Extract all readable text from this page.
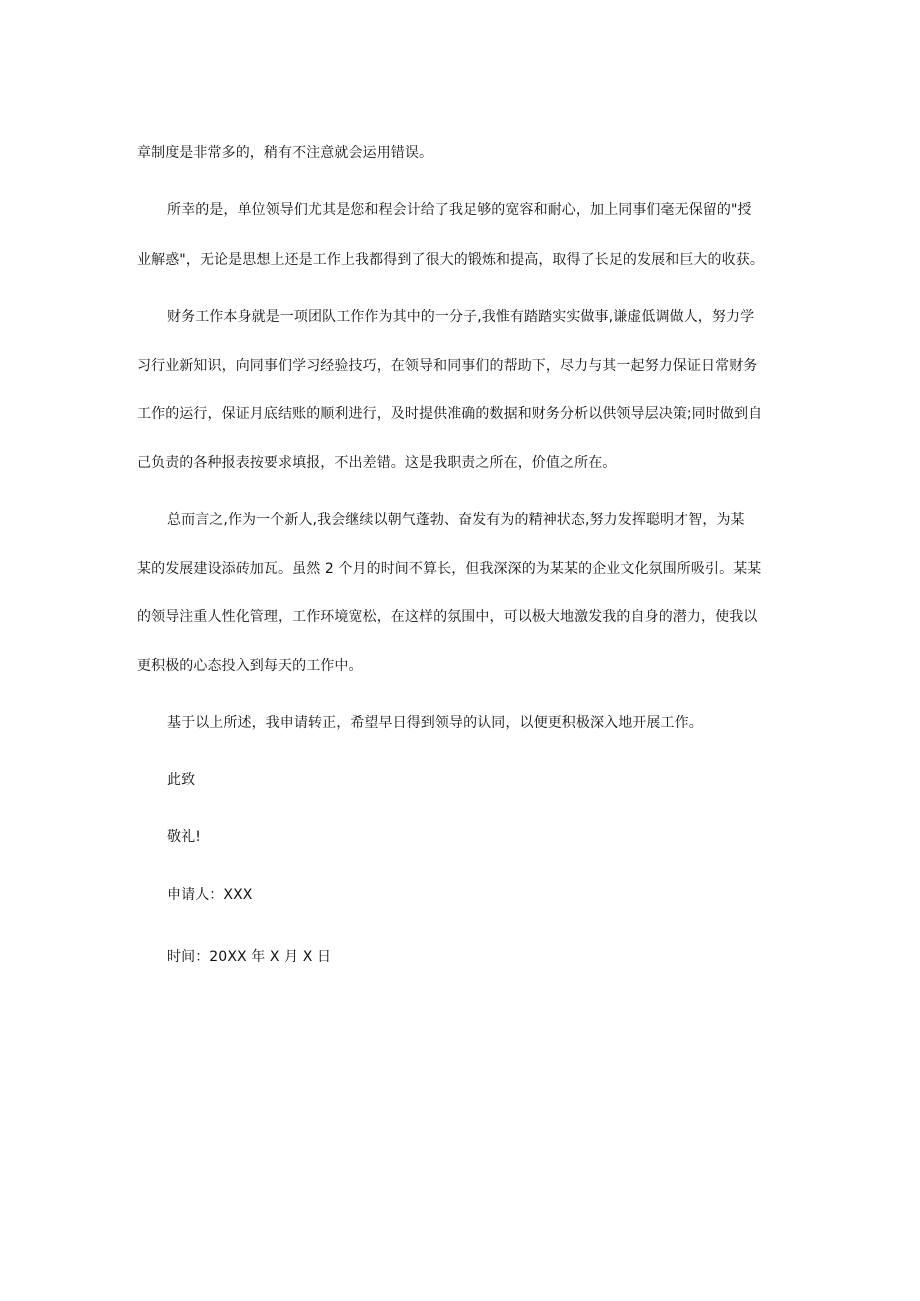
章制度是非常多的，稍有不注意就会运用错误。
所幸的是，单位领导们尤其是您和程会计给了我足够的宽容和耐心，加上同事们毫无保留的"授
业解惑"，无论是思想上还是工作上我都得到了很大的锻炼和提高，取得了长足的发展和巨大的收获。
财务工作本身就是一项团队工作作为其中的一分子,我惟有踏踏实实做事,谦虚低调做人，努力学
习行业新知识，向同事们学习经验技巧，在领导和同事们的帮助下，尽力与其一起努力保证日常财务
工作的运行，保证月底结账的顺利进行，及时提供准确的数据和财务分析以供领导层决策;同时做到自
己负责的各种报表按要求填报，不出差错。这是我职责之所在，价值之所在。
总而言之,作为一个新人,我会继续以朝气蓬勃、奋发有为的精神状态,努力发挥聪明才智，为某
某的发展建设添砖加瓦。虽然 2 个月的时间不算长，但我深深的为某某的企业文化氛围所吸引。某某
的领导注重人性化管理，工作环境宽松，在这样的氛围中，可以极大地激发我的自身的潜力，使我以
更积极的心态投入到每天的工作中。
基于以上所述，我申请转正，希望早日得到领导的认同，以便更积极深入地开展工作。
此致
敬礼!
申请人：XXX
时间：20XX 年 X 月 X 日
